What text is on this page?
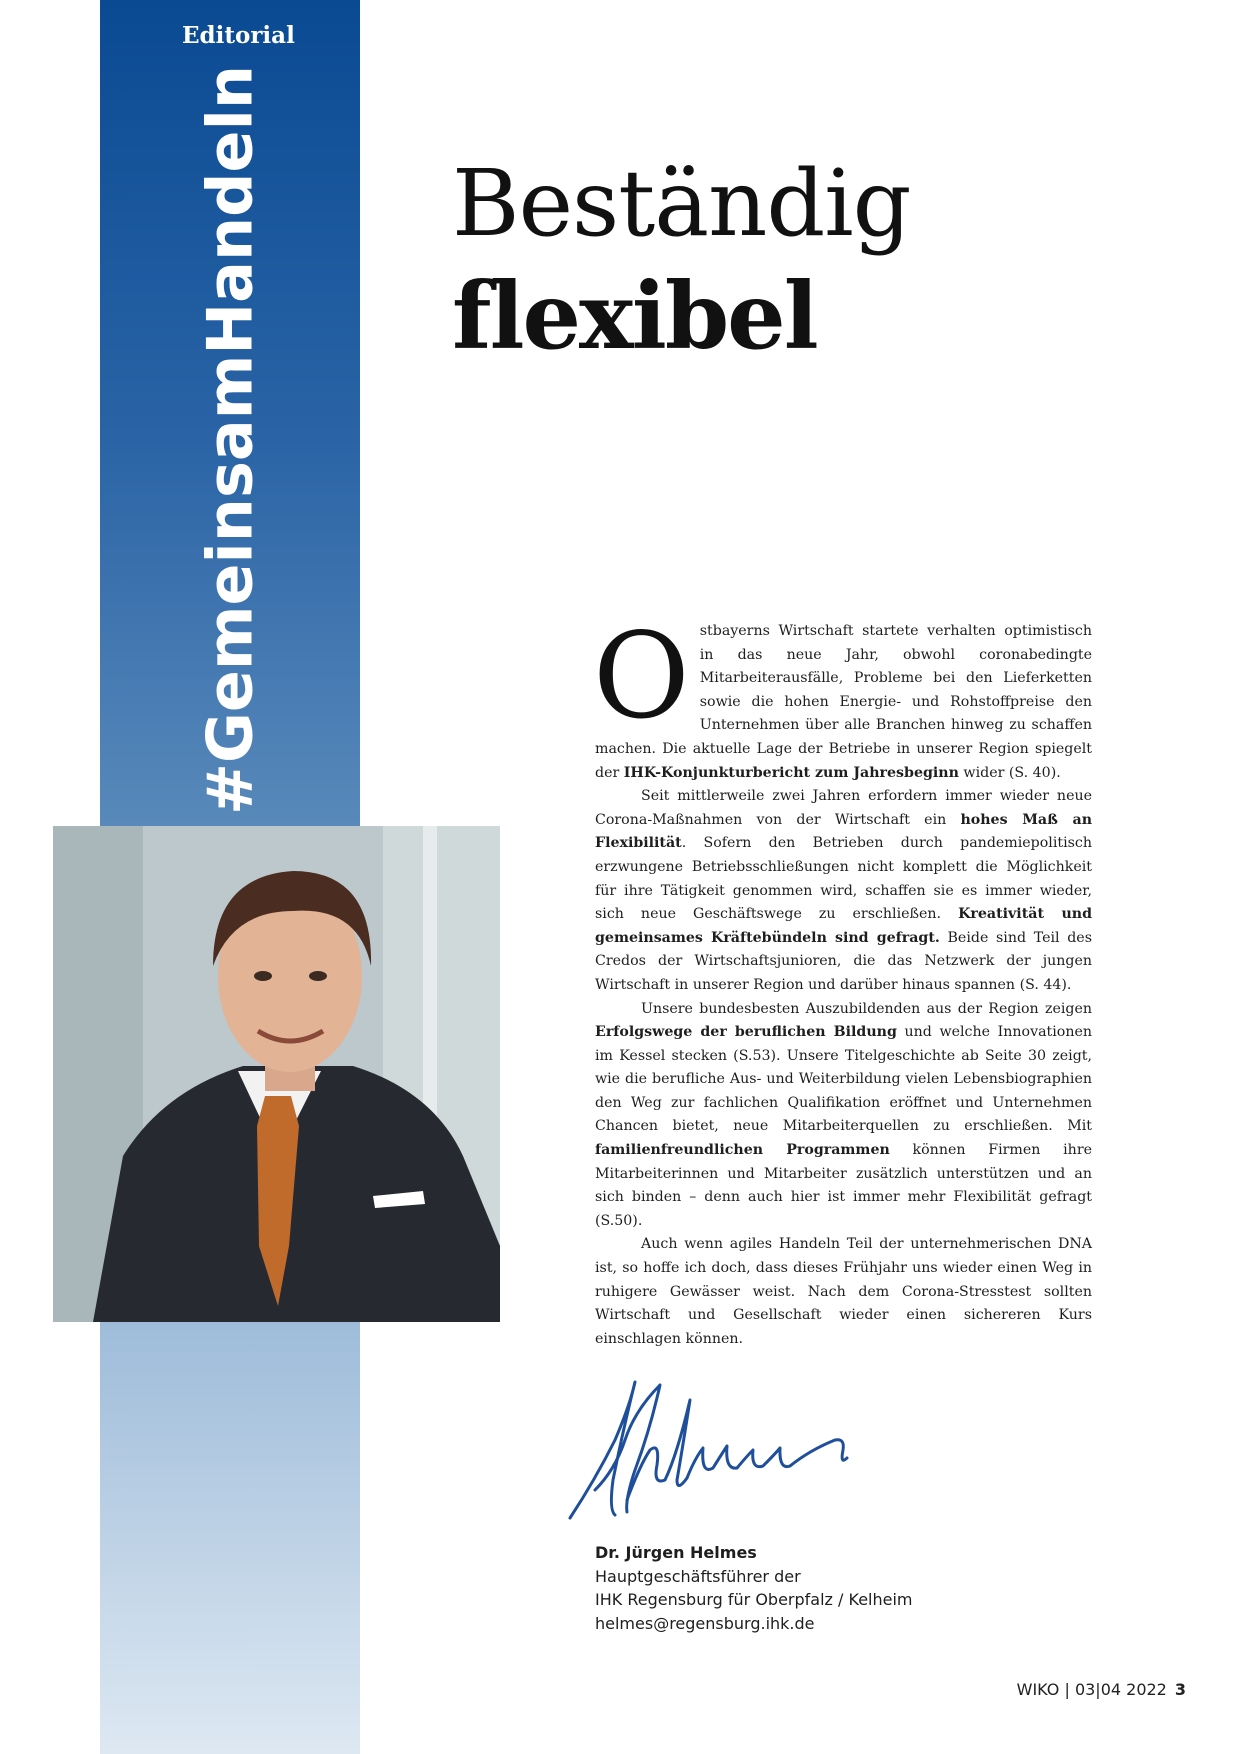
Editorial
#GemeinsamHandeln Beständig
flexibel

Ostbayerns Wirtschaft startete verhalten optimistisch in das neue Jahr, obwohl coronabedingte Mitarbeiterausfälle, Probleme bei den Lieferketten sowie die hohen Energie- und Rohstoffpreise den Unternehmen über alle Branchen hinweg zu schaffen machen. Die aktuelle Lage der Betriebe in unserer Region spiegelt der IHK-Konjunkturbericht zum Jahresbeginn wider (S. 40).

Seit mittlerweile zwei Jahren erfordern immer wieder neue Corona-Maßnahmen von der Wirtschaft ein hohes Maß an Flexibilität. Sofern den Betrieben durch pandemiepolitisch erzwungene Betriebsschließungen nicht komplett die Möglichkeit für ihre Tätigkeit genommen wird, schaffen sie es immer wieder, sich neue Geschäftswege zu erschließen. Kreativität und gemeinsames Kräftebündeln sind gefragt. Beide sind Teil des Credos der Wirtschaftsjunioren, die das Netzwerk der jungen Wirtschaft in unserer Region und darüber hinaus spannen (S. 44).

Unsere bundesbesten Auszubildenden aus der Region zeigen Erfolgswege der beruflichen Bildung und welche Innovationen im Kessel stecken (S.53). Unsere Titelgeschichte ab Seite 30 zeigt, wie die berufliche Aus- und Weiterbildung vielen Lebensbiographien den Weg zur fachlichen Qualifikation eröffnet und Unternehmen Chancen bietet, neue Mitarbeiterquellen zu erschließen. Mit familienfreundlichen Programmen können Firmen ihre Mitarbeiterinnen und Mitarbeiter zusätzlich unterstützen und an sich binden – denn auch hier ist immer mehr Flexibilität gefragt (S.50).

Auch wenn agiles Handeln Teil der unternehmerischen DNA ist, so hoffe ich doch, dass dieses Frühjahr uns wieder einen Weg in ruhigere Gewässer weist. Nach dem Corona-Stresstest sollten Wirtschaft und Gesellschaft wieder einen sichereren Kurs einschlagen können.

Dr. Jürgen Helmes
Hauptgeschäftsführer der
IHK Regensburg für Oberpfalz / Kelheim
helmes@regensburg.ihk.de
WIKO | 03|04 2022 3
